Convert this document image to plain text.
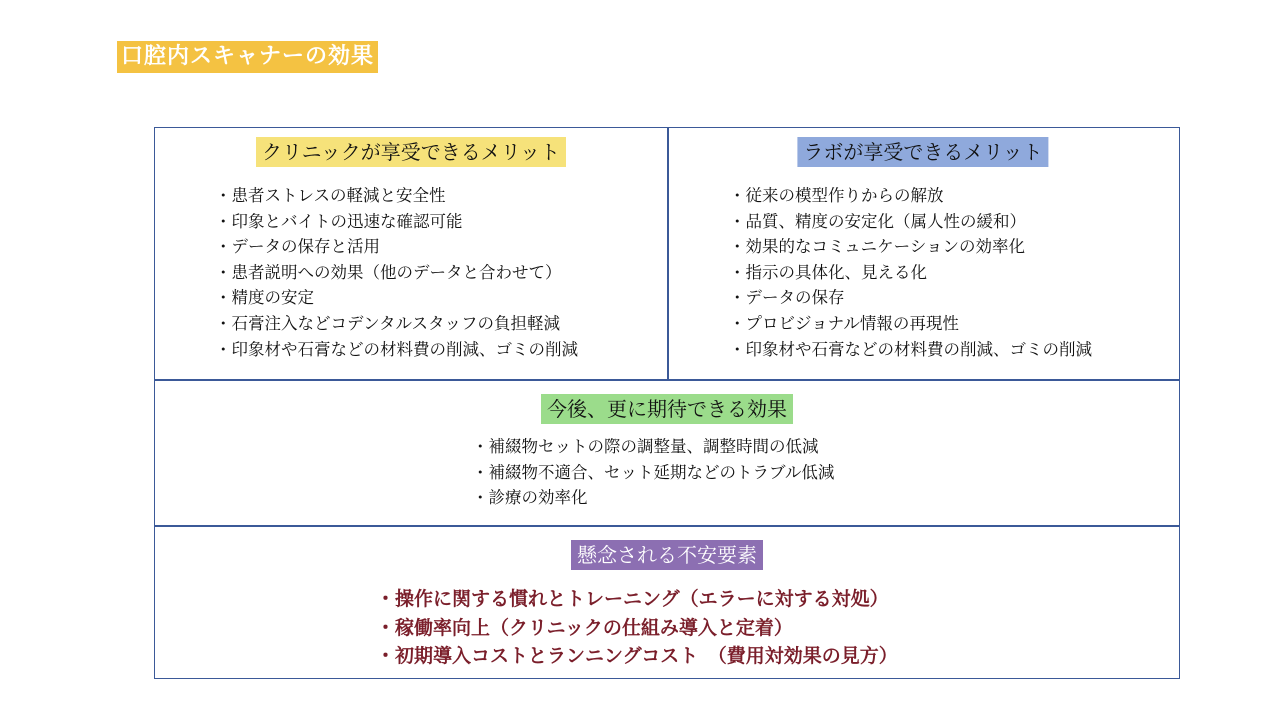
口腔内スキャナーの効果
クリニックが享受できるメリット
・患者ストレスの軽減と安全性
・印象とバイトの迅速な確認可能
・データの保存と活用
・患者説明への効果（他のデータと合わせて）
・精度の安定
・石膏注入などコデンタルスタッフの負担軽減
・印象材や石膏などの材料費の削減、ゴミの削減
ラボが享受できるメリット
・従来の模型作りからの解放
・品質、精度の安定化（属人性の緩和）
・効果的なコミュニケーションの効率化
・指示の具体化、見える化
・データの保存
・プロビジョナル情報の再現性
・印象材や石膏などの材料費の削減、ゴミの削減
今後、更に期待できる効果
・補綴物セットの際の調整量、調整時間の低減
・補綴物不適合、セット延期などのトラブル低減
・診療の効率化
懸念される不安要素
・操作に関する慣れとトレーニング（エラーに対する対処）
・稼働率向上（クリニックの仕組み導入と定着）
・初期導入コストとランニングコスト　（費用対効果の見方）
